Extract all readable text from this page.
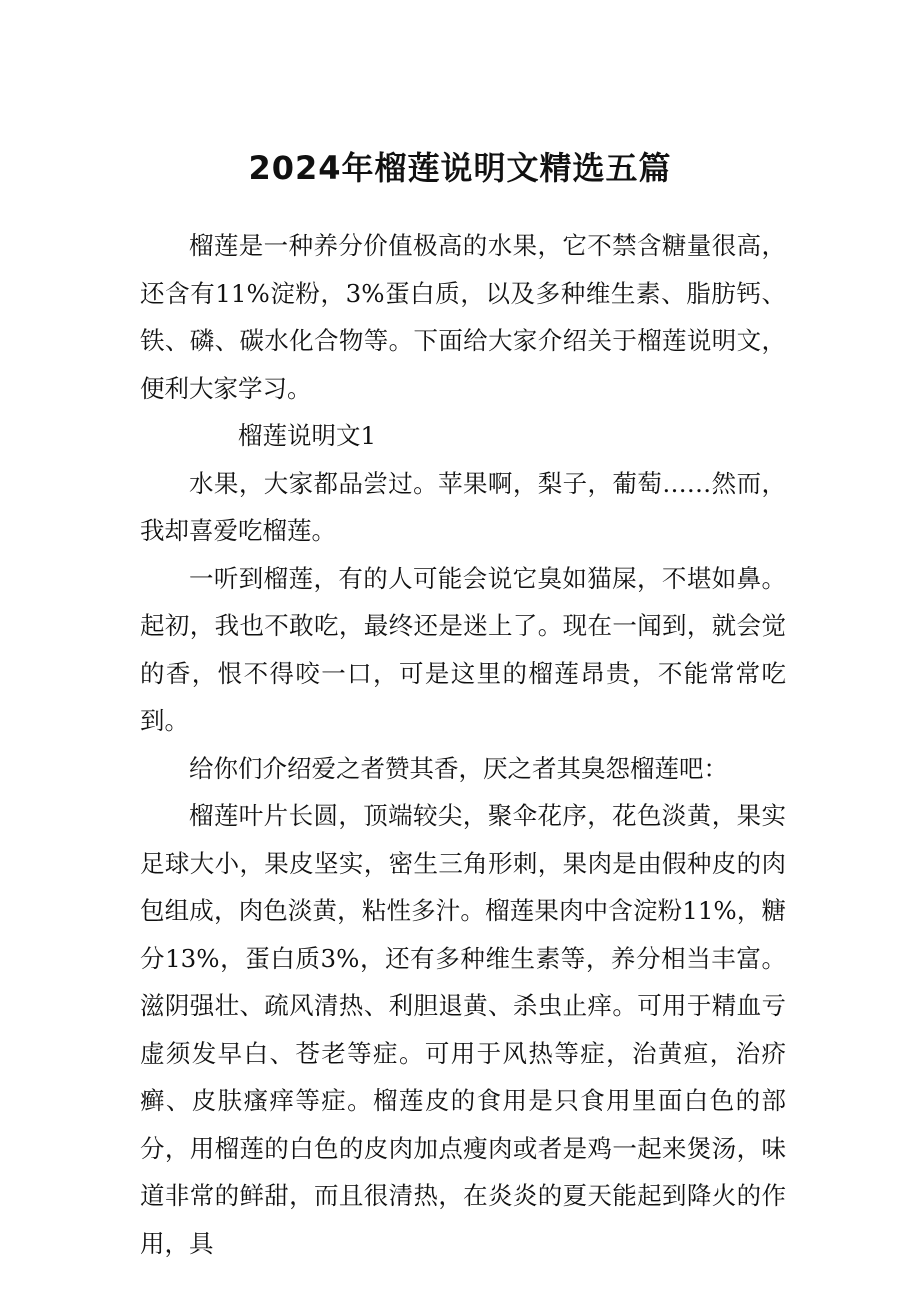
2024年榴莲说明文精选五篇

榴莲是一种养分价值极高的水果，它不禁含糖量很高，还含有11%淀粉，3%蛋白质，以及多种维生素、脂肪钙、铁、磷、碳水化合物等。下面给大家介绍关于榴莲说明文，便利大家学习。

榴莲说明文1

水果，大家都品尝过。苹果啊，梨子，葡萄……然而，我却喜爱吃榴莲。

一听到榴莲，有的人可能会说它臭如猫屎，不堪如鼻。起初，我也不敢吃，最终还是迷上了。现在一闻到，就会觉的香，恨不得咬一口，可是这里的榴莲昂贵，不能常常吃到。

给你们介绍爱之者赞其香，厌之者其臭怨榴莲吧：

榴莲叶片长圆，顶端较尖，聚伞花序，花色淡黄，果实足球大小，果皮坚实，密生三角形刺，果肉是由假种皮的肉包组成，肉色淡黄，粘性多汁。榴莲果肉中含淀粉11%，糖分13%，蛋白质3%，还有多种维生素等，养分相当丰富。滋阴强壮、疏风清热、利胆退黄、杀虫止痒。可用于精血亏虚须发早白、苍老等症。可用于风热等症，治黄疸，治疥癣、皮肤瘙痒等症。榴莲皮的食用是只食用里面白色的部分，用榴莲的白色的皮肉加点瘦肉或者是鸡一起来煲汤，味道非常的鲜甜，而且很清热，在炎炎的夏天能起到降火的作用，具
